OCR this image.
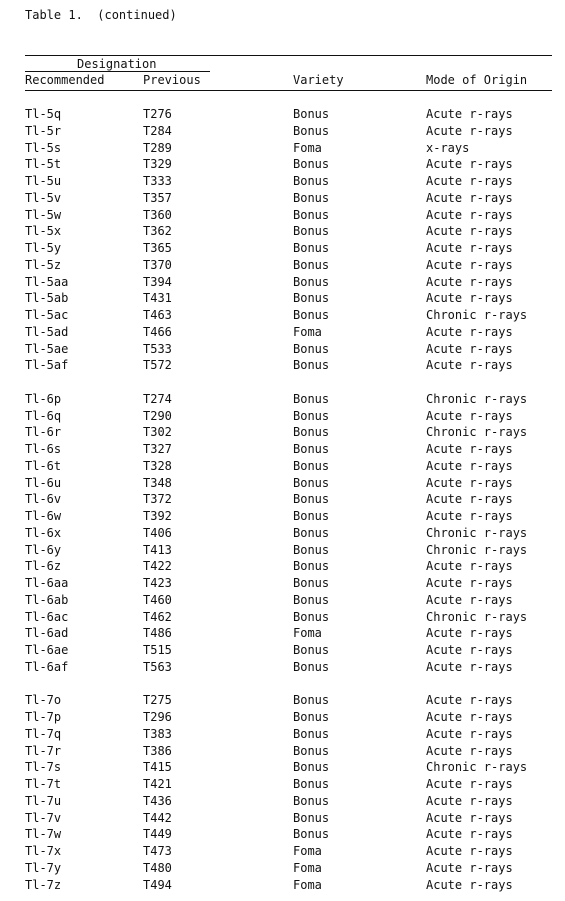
Table 1.  (continued)
Designation
Recommended	Previous	Variety	Mode of Origin
Tl-5q	T276	Bonus	Acute r-rays
Tl-5r	T284	Bonus	Acute r-rays
Tl-5s	T289	Foma	x-rays
Tl-5t	T329	Bonus	Acute r-rays
Tl-5u	T333	Bonus	Acute r-rays
Tl-5v	T357	Bonus	Acute r-rays
Tl-5w	T360	Bonus	Acute r-rays
Tl-5x	T362	Bonus	Acute r-rays
Tl-5y	T365	Bonus	Acute r-rays
Tl-5z	T370	Bonus	Acute r-rays
Tl-5aa	T394	Bonus	Acute r-rays
Tl-5ab	T431	Bonus	Acute r-rays
Tl-5ac	T463	Bonus	Chronic r-rays
Tl-5ad	T466	Foma	Acute r-rays
Tl-5ae	T533	Bonus	Acute r-rays
Tl-5af	T572	Bonus	Acute r-rays
Tl-6p	T274	Bonus	Chronic r-rays
Tl-6q	T290	Bonus	Acute r-rays
Tl-6r	T302	Bonus	Chronic r-rays
Tl-6s	T327	Bonus	Acute r-rays
Tl-6t	T328	Bonus	Acute r-rays
Tl-6u	T348	Bonus	Acute r-rays
Tl-6v	T372	Bonus	Acute r-rays
Tl-6w	T392	Bonus	Acute r-rays
Tl-6x	T406	Bonus	Chronic r-rays
Tl-6y	T413	Bonus	Chronic r-rays
Tl-6z	T422	Bonus	Acute r-rays
Tl-6aa	T423	Bonus	Acute r-rays
Tl-6ab	T460	Bonus	Acute r-rays
Tl-6ac	T462	Bonus	Chronic r-rays
Tl-6ad	T486	Foma	Acute r-rays
Tl-6ae	T515	Bonus	Acute r-rays
Tl-6af	T563	Bonus	Acute r-rays
Tl-7o	T275	Bonus	Acute r-rays
Tl-7p	T296	Bonus	Acute r-rays
Tl-7q	T383	Bonus	Acute r-rays
Tl-7r	T386	Bonus	Acute r-rays
Tl-7s	T415	Bonus	Chronic r-rays
Tl-7t	T421	Bonus	Acute r-rays
Tl-7u	T436	Bonus	Acute r-rays
Tl-7v	T442	Bonus	Acute r-rays
Tl-7w	T449	Bonus	Acute r-rays
Tl-7x	T473	Foma	Acute r-rays
Tl-7y	T480	Foma	Acute r-rays
Tl-7z	T494	Foma	Acute r-rays
